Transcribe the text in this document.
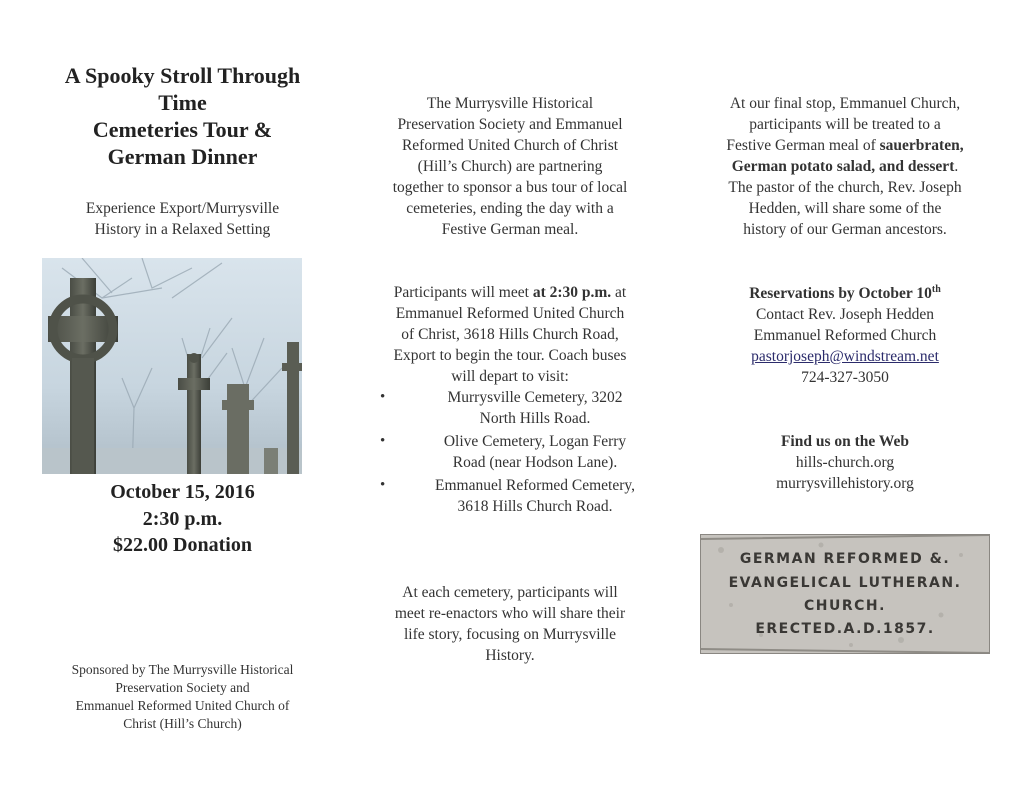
A Spooky Stroll Through
Time
Cemeteries Tour &
German Dinner
Experience Export/Murrysville
History in a Relaxed Setting
October 15, 2016
2:30 p.m.
$22.00 Donation
Sponsored by The Murrysville Historical
Preservation Society and
Emmanuel Reformed United Church of
Christ (Hill’s Church)
The Murrysville Historical
Preservation Society and Emmanuel
Reformed United Church of Christ
(Hill’s Church) are partnering
together to sponsor a bus tour of local
cemeteries, ending the day with a
Festive German meal.
Participants will meet at 2:30 p.m. at
Emmanuel Reformed United Church
of Christ, 3618 Hills Church Road,
Export to begin the tour. Coach buses
will depart to visit:
•	Murrysville Cemetery, 3202
North Hills Road.
•	Olive Cemetery, Logan Ferry
Road (near Hodson Lane).
•	Emmanuel Reformed Cemetery,
3618 Hills Church Road.
At each cemetery, participants will
meet re-enactors who will share their
life story, focusing on Murrysville
History.
At our final stop, Emmanuel Church,
participants will be treated to a
Festive German meal of sauerbraten,
German potato salad, and dessert.
The pastor of the church, Rev. Joseph
Hedden, will share some of the
history of our German ancestors.
Reservations by October 10th
Contact Rev. Joseph Hedden
Emmanuel Reformed Church
pastorjoseph@windstream.net
724-327-3050
Find us on the Web
hills-church.org
murrysvillehistory.org
GERMAN REFORMED &.
EVANGELICAL LUTHERAN.
CHURCH.
ERECTED.A.D.1857.
